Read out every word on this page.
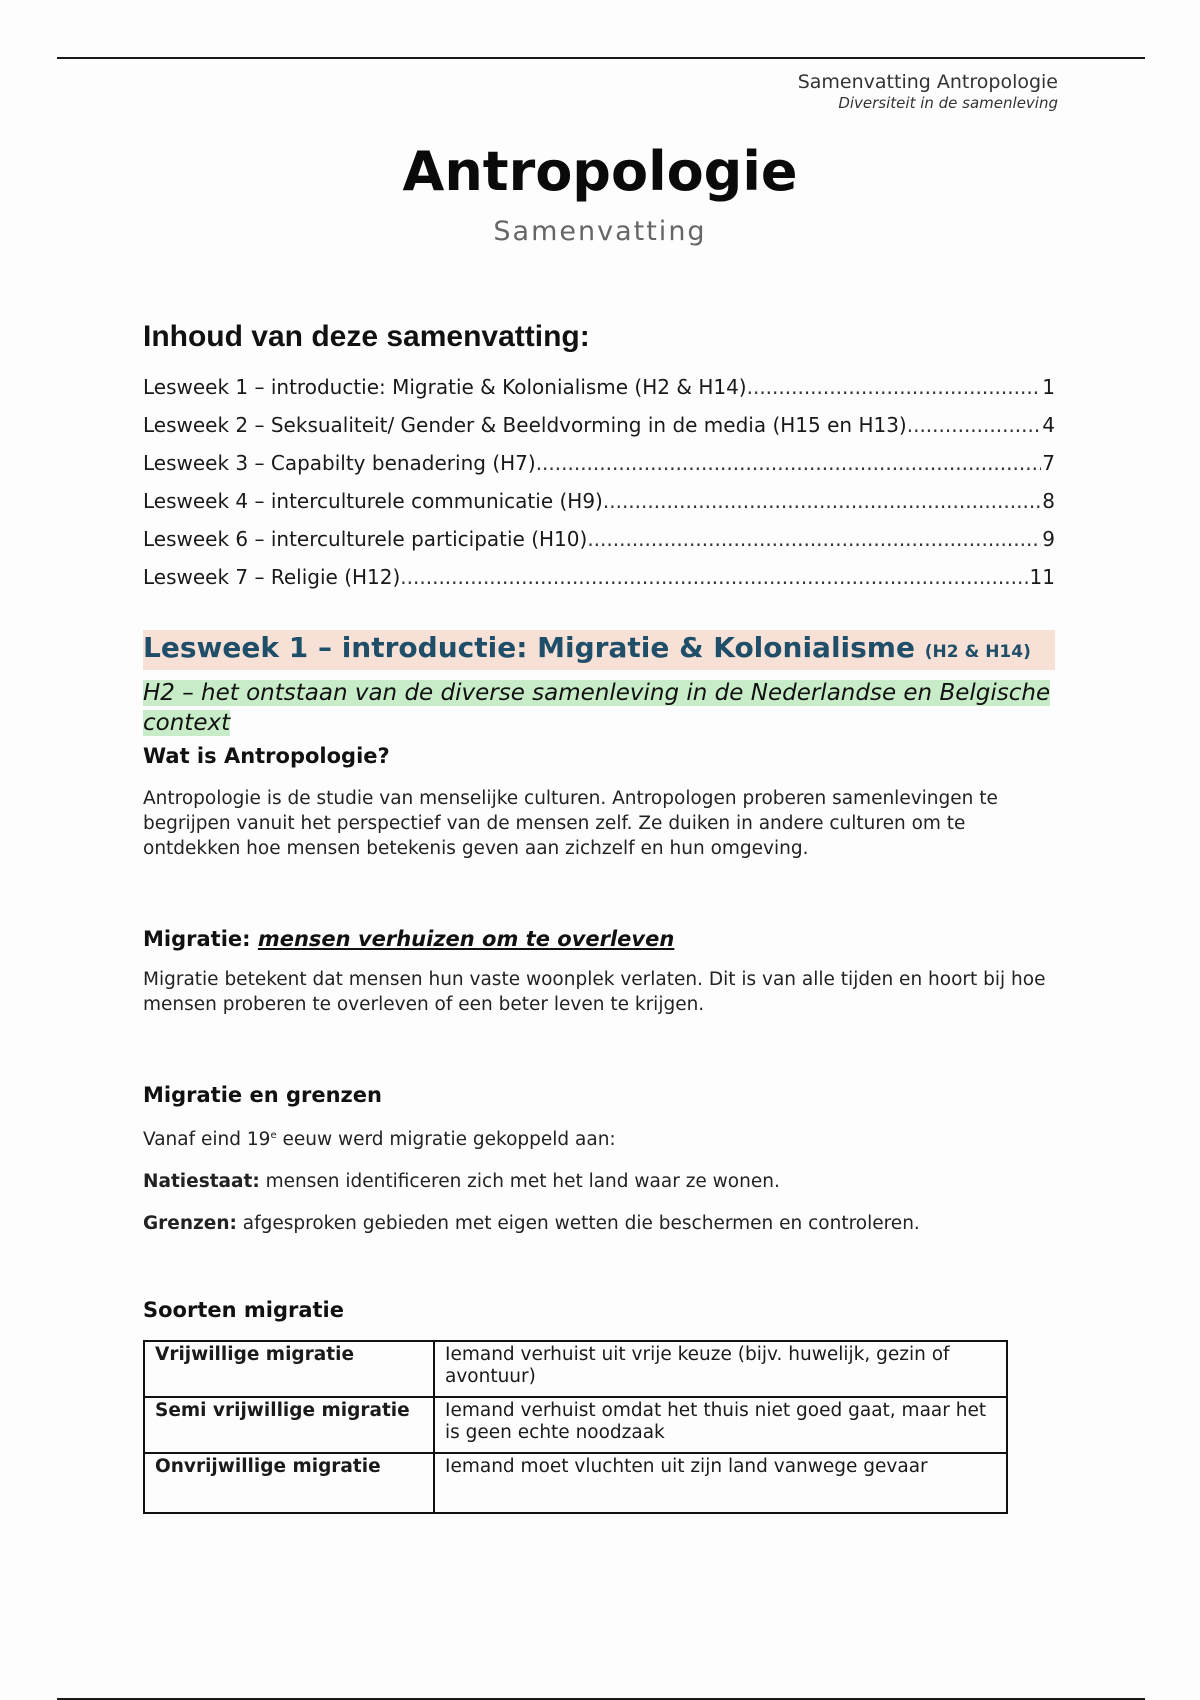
Samenvatting Antropologie
Diversiteit in de samenleving
Antropologie
Samenvatting
Inhoud van deze samenvatting:
Lesweek 1 – introductie: Migratie & Kolonialisme (H2 & H14) .....	1
Lesweek 2 – Seksualiteit/ Gender & Beeldvorming in de media (H15 en H13) .....	4
Lesweek 3 – Capabilty benadering (H7) .....	7
Lesweek 4 – interculturele communicatie (H9) .....	8
Lesweek 6 – interculturele participatie (H10) .....	9
Lesweek 7 – Religie (H12) .....	11
Lesweek 1 – introductie: Migratie & Kolonialisme (H2 & H14)
H2 – het ontstaan van de diverse samenleving in de Nederlandse en Belgische context
Wat is Antropologie?

Antropologie is de studie van menselijke culturen. Antropologen proberen samenlevingen te begrijpen vanuit het perspectief van de mensen zelf. Ze duiken in andere culturen om te ontdekken hoe mensen betekenis geven aan zichzelf en hun omgeving.

Migratie: mensen verhuizen om te overleven

Migratie betekent dat mensen hun vaste woonplek verlaten. Dit is van alle tijden en hoort bij hoe mensen proberen te overleven of een beter leven te krijgen.

Migratie en grenzen

Vanaf eind 19e eeuw werd migratie gekoppeld aan:

Natiestaat: mensen identificeren zich met het land waar ze wonen.

Grenzen: afgesproken gebieden met eigen wetten die beschermen en controleren.

Soorten migratie
Vrijwillige migratie	Iemand verhuist uit vrije keuze (bijv. huwelijk, gezin of avontuur)
Semi vrijwillige migratie	Iemand verhuist omdat het thuis niet goed gaat, maar het is geen echte noodzaak
Onvrijwillige migratie	Iemand moet vluchten uit zijn land vanwege gevaar
